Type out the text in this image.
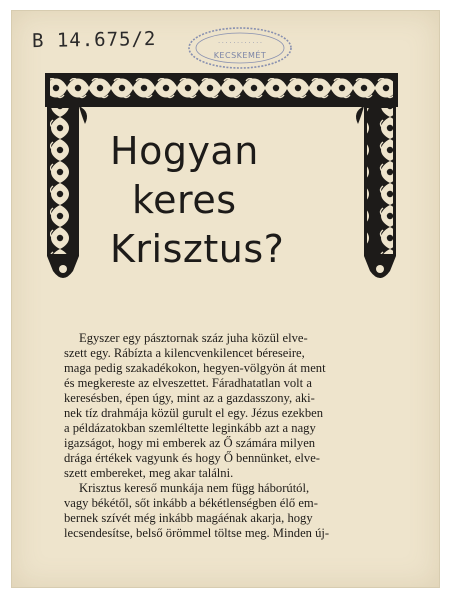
B 14.675/2	· · · · · · · · · · · ·
KECSKEMÉT
Hogyan
keres
Krisztus?

Egyszer egy pásztornak száz juha közül elve-
szett egy. Rábízta a kilencvenkilencet béreseire,
maga pedig szakadékokon, hegyen-völgyön át ment
és megkereste az elveszettet. Fáradhatatlan volt a
keresésben, épen úgy, mint az a gazdasszony, aki-
nek tíz drahmája közül gurult el egy. Jézus ezekben
a példázatokban szemléltette leginkább azt a nagy
igazságot, hogy mi emberek az Ő számára milyen
drága értékek vagyunk és hogy Ő bennünket, elve-
szett embereket, meg akar találni.

Krisztus kereső munkája nem függ háborútól,
vagy békétől, sőt inkább a békétlenségben élő em-
bernek szívét még inkább magáénak akarja, hogy
lecsendesítse, belső örömmel töltse meg. Minden új-
